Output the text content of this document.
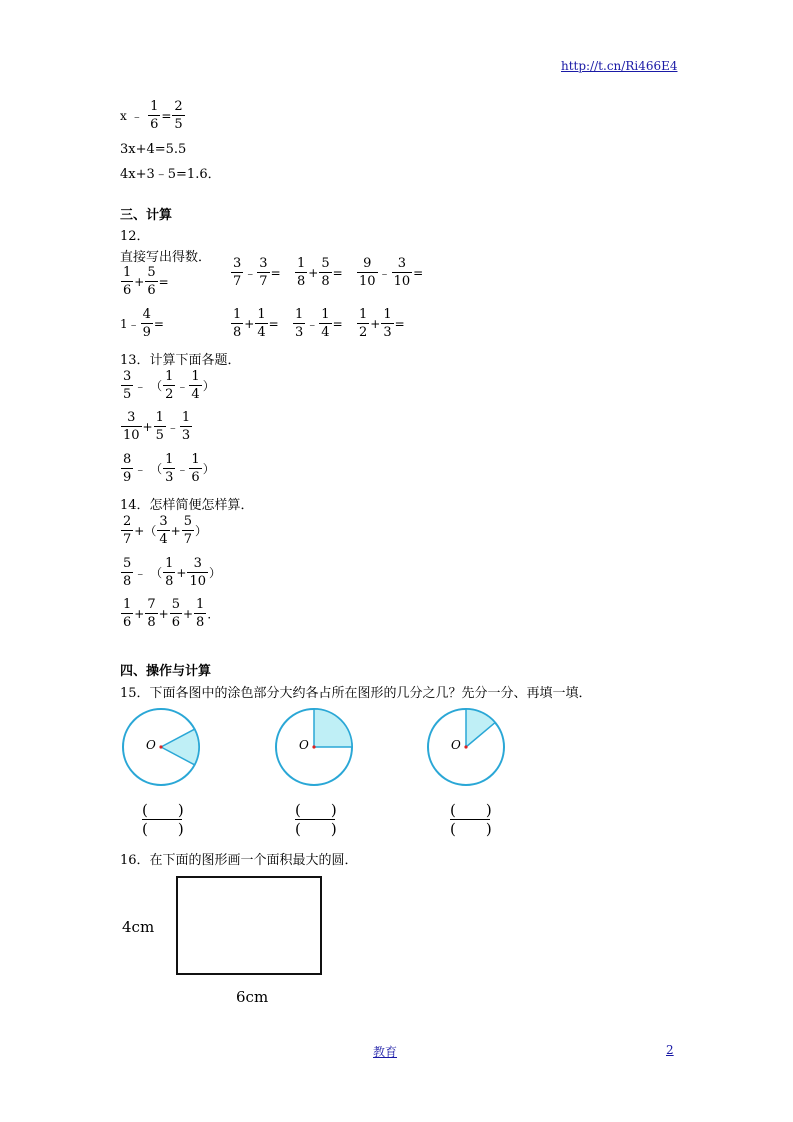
http://t.cn/Ri466E4
x ﹣ $\frac{1}{6} = \frac{2}{5}$
3x+4=5.5
4x+3﹣5=1.6．
三、计算
12．
直接写出得数．
$\frac{1}{6} + \frac{5}{6}$ =	$\frac{3}{7}$ ﹣ $\frac{3}{7} = \frac{1}{8} + \frac{5}{8} = \frac{9}{10}$ ﹣ $\frac{3}{10}$ =
1﹣ $\frac{4}{9}$ =	$\frac{1}{8} + \frac{1}{4} = \frac{1}{3}$ ﹣ $\frac{1}{4} = \frac{1}{2} + \frac{1}{3}$ =
13．计算下面各题．
$\frac{3}{5}$ ﹣ （ $\frac{1}{2}$ ﹣ $\frac{1}{4}$ ）
$\frac{3}{10} + \frac{1}{5}$ ﹣ $\frac{1}{3}$
$\frac{8}{9}$ ﹣ （ $\frac{1}{3}$ ﹣ $\frac{1}{6}$ ）
14．怎样简便怎样算．
$\frac{2}{7}$ +（ $\frac{3}{4} + \frac{5}{7}$ ）
$\frac{5}{8}$ ﹣ （ $\frac{1}{8} + \frac{3}{10}$ ）
$\frac{1}{6} + \frac{7}{8} + \frac{5}{6} + \frac{1}{8}$ ．
四、操作与计算
15．下面各图中的涂色部分大约各占所在图形的几分之几？先分一分、再填一填．
O	O	O
(　　)
(　　)
(　　)
(　　)
(　　)
(　　)
16．在下面的图形画一个面积最大的圆．
4cm
6cm
教育	2
